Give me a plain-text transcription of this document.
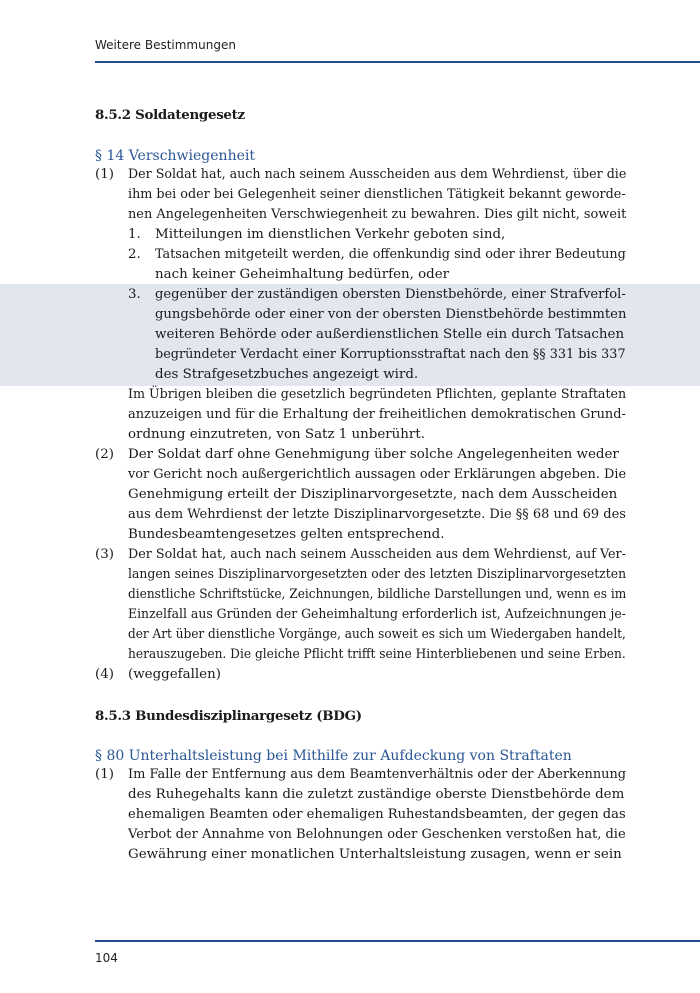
Weitere Bestimmungen
8.5.2 Soldatengesetz
§ 14 Verschwiegenheit
(1) Der Soldat hat, auch nach seinem Ausscheiden aus dem Wehrdienst, über die
ihm bei oder bei Gelegenheit seiner dienstlichen Tätigkeit bekannt geworde-
nen Angelegenheiten Verschwiegenheit zu bewahren. Dies gilt nicht, soweit
1. Mitteilungen im dienstlichen Verkehr geboten sind,
2. Tatsachen mitgeteilt werden, die offenkundig sind oder ihrer Bedeutung
nach keiner Geheimhaltung bedürfen, oder
3. gegenüber der zuständigen obersten Dienstbehörde, einer Strafverfol-
gungsbehörde oder einer von der obersten Dienstbehörde bestimmten
weiteren Behörde oder außerdienstlichen Stelle ein durch Tatsachen
begründeter Verdacht einer Korruptionsstraftat nach den §§ 331 bis 337
des Strafgesetzbuches angezeigt wird.
Im Übrigen bleiben die gesetzlich begründeten Pflichten, geplante Straftaten
anzuzeigen und für die Erhaltung der freiheitlichen demokratischen Grund-
ordnung einzutreten, von Satz 1 unberührt.
(2) Der Soldat darf ohne Genehmigung über solche Angelegenheiten weder
vor Gericht noch außergerichtlich aussagen oder Erklärungen abgeben. Die
Genehmigung erteilt der Disziplinarvorgesetzte, nach dem Ausscheiden
aus dem Wehrdienst der letzte Disziplinarvorgesetzte. Die §§ 68 und 69 des
Bundesbeamtengesetzes gelten entsprechend.
(3) Der Soldat hat, auch nach seinem Ausscheiden aus dem Wehrdienst, auf Ver-
langen seines Disziplinarvorgesetzten oder des letzten Disziplinarvorgesetzten
dienstliche Schriftstücke, Zeichnungen, bildliche Darstellungen und, wenn es im
Einzelfall aus Gründen der Geheimhaltung erforderlich ist, Aufzeichnungen je-
der Art über dienstliche Vorgänge, auch soweit es sich um Wiedergaben handelt,
herauszugeben. Die gleiche Pflicht trifft seine Hinterbliebenen und seine Erben.
(4) (weggefallen)
8.5.3 Bundesdisziplinargesetz (BDG)
§ 80 Unterhaltsleistung bei Mithilfe zur Aufdeckung von Straftaten
(1) Im Falle der Entfernung aus dem Beamtenverhältnis oder der Aberkennung
des Ruhegehalts kann die zuletzt zuständige oberste Dienstbehörde dem
ehemaligen Beamten oder ehemaligen Ruhestandsbeamten, der gegen das
Verbot der Annahme von Belohnungen oder Geschenken verstoßen hat, die
Gewährung einer monatlichen Unterhaltsleistung zusagen, wenn er sein
104
